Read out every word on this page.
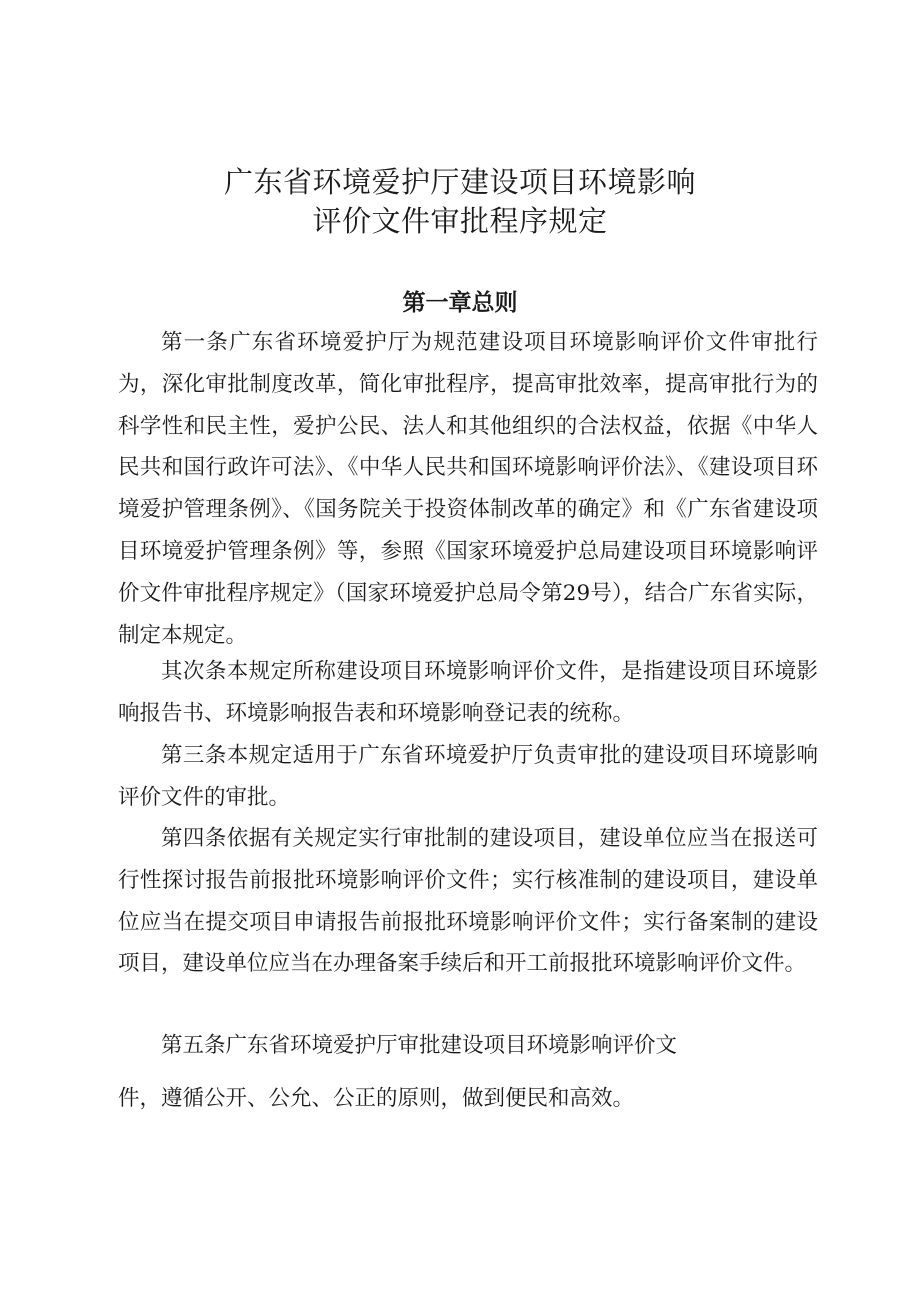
广东省环境爱护厅建设项目环境影响
评价文件审批程序规定
第一章总则

第一条广东省环境爱护厅为规范建设项目环境影响评价文件审批行为，深化审批制度改革，简化审批程序，提高审批效率，提高审批行为的科学性和民主性，爱护公民、法人和其他组织的合法权益，依据《中华人民共和国行政许可法》、《中华人民共和国环境影响评价法》、《建设项目环境爱护管理条例》、《国务院关于投资体制改革的确定》和《广东省建设项目环境爱护管理条例》等，参照《国家环境爱护总局建设项目环境影响评价文件审批程序规定》（国家环境爱护总局令第29号），结合广东省实际，制定本规定。

其次条本规定所称建设项目环境影响评价文件，是指建设项目环境影响报告书、环境影响报告表和环境影响登记表的统称。

第三条本规定适用于广东省环境爱护厅负责审批的建设项目环境影响评价文件的审批。

第四条依据有关规定实行审批制的建设项目，建设单位应当在报送可行性探讨报告前报批环境影响评价文件；实行核准制的建设项目，建设单位应当在提交项目申请报告前报批环境影响评价文件；实行备案制的建设项目，建设单位应当在办理备案手续后和开工前报批环境影响评价文件。

第五条广东省环境爱护厅审批建设项目环境影响评价文

件，遵循公开、公允、公正的原则，做到便民和高效。
